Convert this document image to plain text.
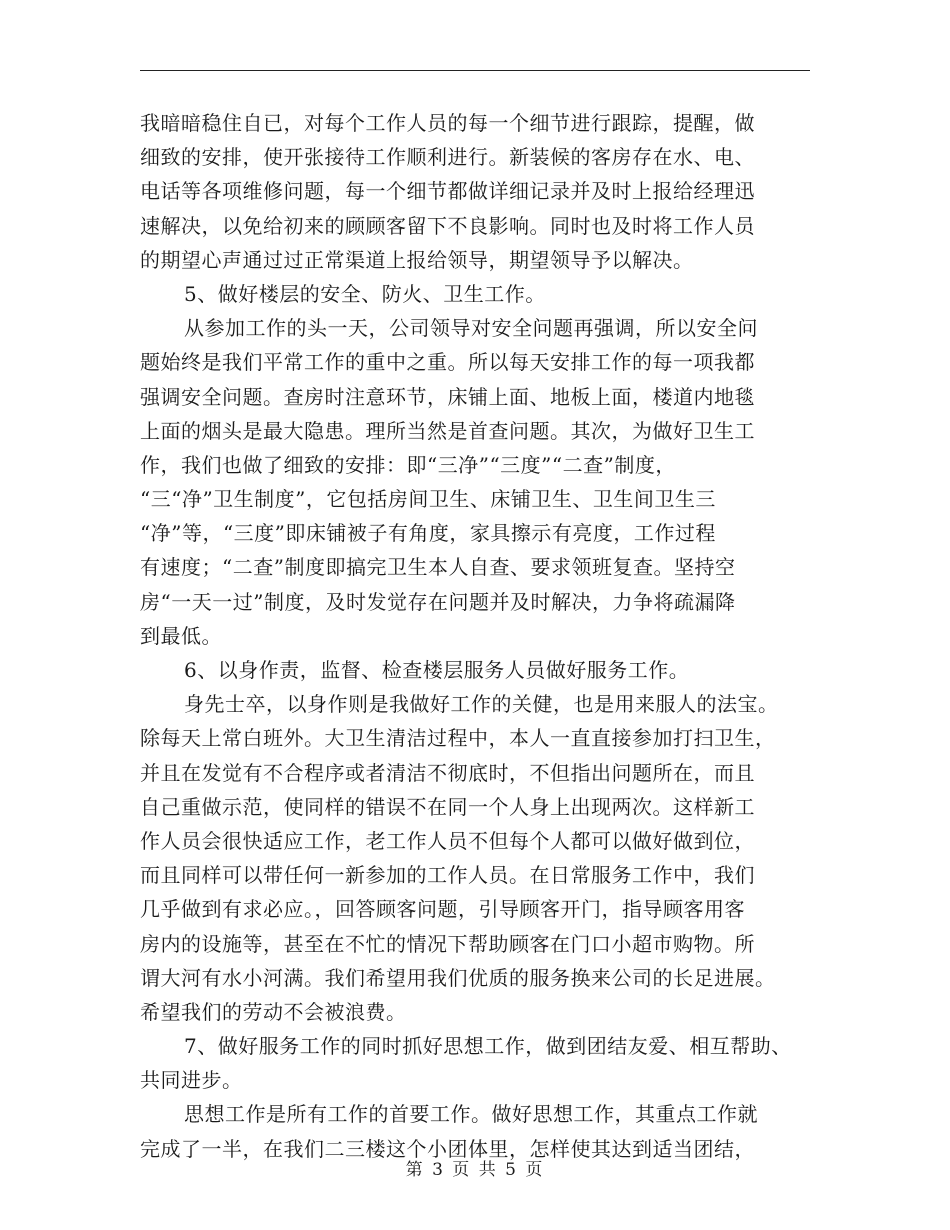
我暗暗稳住自已，对每个工作人员的每一个细节进行跟踪，提醒，做
细致的安排，使开张接待工作顺利进行。新装候的客房存在水、电、
电话等各项维修问题，每一个细节都做详细记录并及时上报给经理迅
速解决，以免给初来的顾顾客留下不良影响。同时也及时将工作人员
的期望心声通过过正常渠道上报给领导，期望领导予以解决。
5、做好楼层的安全、防火、卫生工作。
从参加工作的头一天，公司领导对安全问题再强调，所以安全问
题始终是我们平常工作的重中之重。所以每天安排工作的每一项我都
强调安全问题。查房时注意环节，床铺上面、地板上面，楼道内地毯
上面的烟头是最大隐患。理所当然是首查问题。其次，为做好卫生工
作，我们也做了细致的安排：即“三净”“三度”“二查”制度，
“三“净”卫生制度”，它包括房间卫生、床铺卫生、卫生间卫生三
“净”等，“三度”即床铺被子有角度，家具擦示有亮度，工作过程
有速度；“二查”制度即搞完卫生本人自查、要求领班复查。坚持空
房“一天一过”制度，及时发觉存在问题并及时解决，力争将疏漏降
到最低。
6、以身作责，监督、检查楼层服务人员做好服务工作。
身先士卒，以身作则是我做好工作的关健，也是用来服人的法宝。
除每天上常白班外。大卫生清洁过程中，本人一直直接参加打扫卫生，
并且在发觉有不合程序或者清洁不彻底时，不但指出问题所在，而且
自己重做示范，使同样的错误不在同一个人身上出现两次。这样新工
作人员会很快适应工作，老工作人员不但每个人都可以做好做到位，
而且同样可以带任何一新参加的工作人员。在日常服务工作中，我们
几乎做到有求必应。，回答顾客问题，引导顾客开门，指导顾客用客
房内的设施等，甚至在不忙的情况下帮助顾客在门口小超市购物。所
谓大河有水小河满。我们希望用我们优质的服务换来公司的长足进展。
希望我们的劳动不会被浪费。
7、做好服务工作的同时抓好思想工作，做到团结友爱、相互帮助、
共同进步。
思想工作是所有工作的首要工作。做好思想工作，其重点工作就
完成了一半，在我们二三楼这个小团体里，怎样使其达到适当团结，
第 3 页 共 5 页
